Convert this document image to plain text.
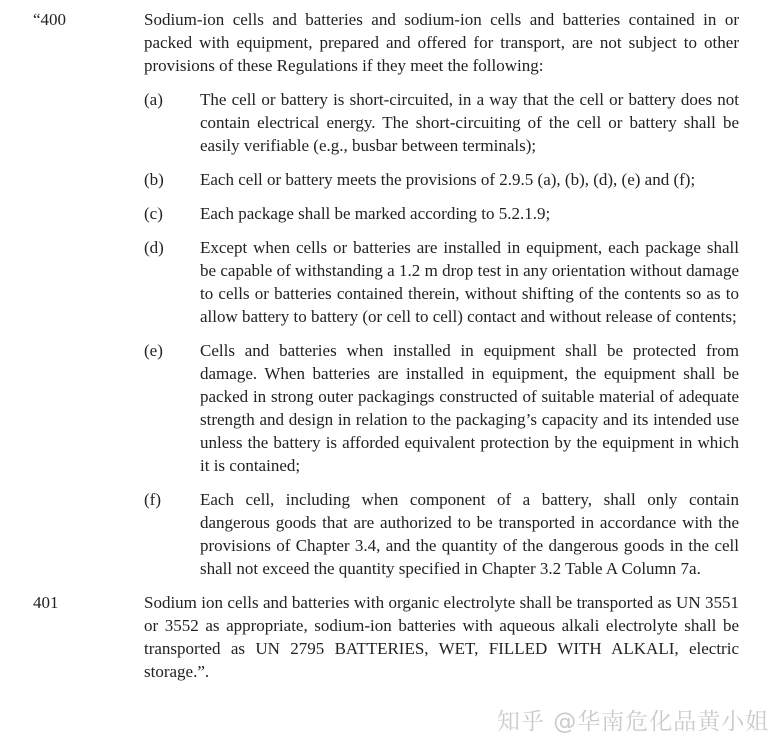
“400	Sodium-ion cells and batteries and sodium-ion cells and batteries contained in or packed with equipment, prepared and offered for transport, are not subject to other provisions of these Regulations if they meet the following:

(a) The cell or battery is short-circuited, in a way that the cell or battery does not contain electrical energy. The short-circuiting of the cell or battery shall be easily verifiable (e.g., busbar between terminals);

(b) Each cell or battery meets the provisions of 2.9.5 (a), (b), (d), (e) and (f);

(c) Each package shall be marked according to 5.2.1.9;

(d) Except when cells or batteries are installed in equipment, each package shall be capable of withstanding a 1.2 m drop test in any orientation without damage to cells or batteries contained therein, without shifting of the contents so as to allow battery to battery (or cell to cell) contact and without release of contents;

(e) Cells and batteries when installed in equipment shall be protected from damage. When batteries are installed in equipment, the equipment shall be packed in strong outer packagings constructed of suitable material of adequate strength and design in relation to the packaging’s capacity and its intended use unless the battery is afforded equivalent protection by the equipment in which it is contained;

(f) Each cell, including when component of a battery, shall only contain dangerous goods that are authorized to be transported in accordance with the provisions of Chapter 3.4, and the quantity of the dangerous goods in the cell shall not exceed the quantity specified in Chapter 3.2 Table A Column 7a.

401	Sodium ion cells and batteries with organic electrolyte shall be transported as UN 3551 or 3552 as appropriate, sodium-ion batteries with aqueous alkali electrolyte shall be transported as UN 2795 BATTERIES, WET, FILLED WITH ALKALI, electric storage.”.

知乎 @华南危化品黄小姐
